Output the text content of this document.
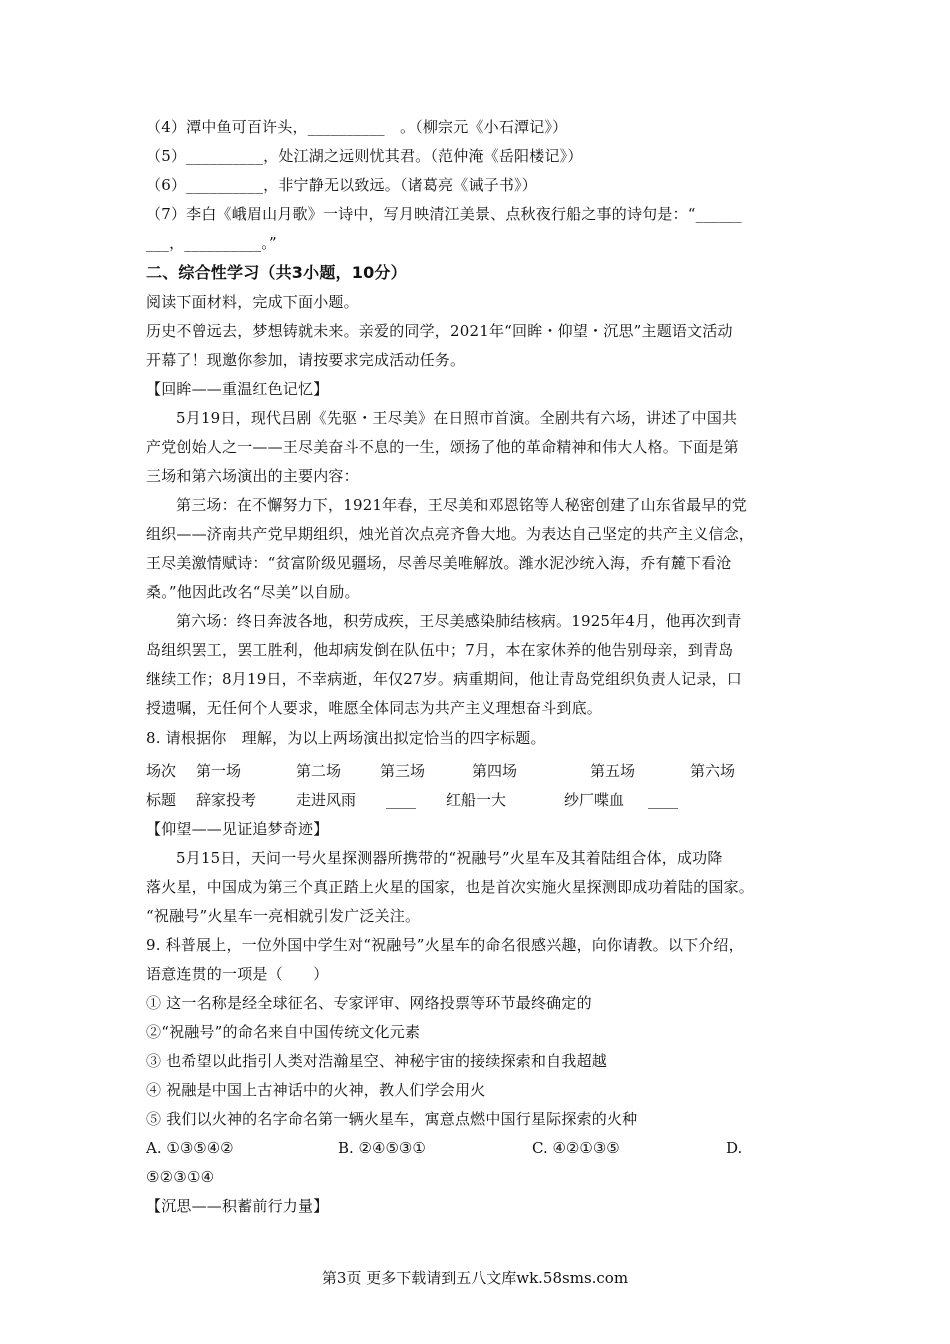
（4）潭中鱼可百许头，__________　。（柳宗元《小石潭记》）
（5）__________，处江湖之远则忧其君。（范仲淹《岳阳楼记》）
（6）__________，非宁静无以致远。（诸葛亮《诫子书》）
（7）李白《峨眉山月歌》一诗中，写月映清江美景、点秋夜行船之事的诗句是：“______
___，__________。”
二、综合性学习（共3小题，10分）
阅读下面材料，完成下面小题。
历史不曾远去，梦想铸就未来。亲爱的同学，2021年“回眸・仰望・沉思”主题语文活动
开幕了！现邀你参加，请按要求完成活动任务。
【回眸——重温红色记忆】
5月19日，现代吕剧《先驱・王尽美》在日照市首演。全剧共有六场，讲述了中国共
产党创始人之一——王尽美奋斗不息的一生，颂扬了他的革命精神和伟大人格。下面是第
三场和第六场演出的主要内容：
第三场：在不懈努力下，1921年春，王尽美和邓恩铭等人秘密创建了山东省最早的党
组织——济南共产党早期组织，烛光首次点亮齐鲁大地。为表达自己坚定的共产主义信念，
王尽美激情赋诗：“贫富阶级见疆场，尽善尽美唯解放。潍水泥沙统入海，乔有麓下看沧
桑。”他因此改名“尽美”以自励。
第六场：终日奔波各地，积劳成疾，王尽美感染肺结核病。1925年4月，他再次到青
岛组织罢工，罢工胜利，他却病发倒在队伍中；7月，本在家休养的他告别母亲，到青岛
继续工作；8月19日，不幸病逝，年仅27岁。病重期间，他让青岛党组织负责人记录，口
授遗嘱，无任何个人要求，唯愿全体同志为共产主义理想奋斗到底。
8. 请根据你　理解，为以上两场演出拟定恰当的四字标题。
场次 第一场	第二场	第三场	第四场	第五场	第六场
标题 辞家投考	走进风雨 ____ 红船一大	纱厂喋血 ____
【仰望——见证追梦奇迹】
5月15日，天问一号火星探测器所携带的“祝融号”火星车及其着陆组合体，成功降
落火星，中国成为第三个真正踏上火星的国家，也是首次实施火星探测即成功着陆的国家。
“祝融号”火星车一亮相就引发广泛关注。
9. 科普展上，一位外国中学生对“祝融号”火星车的命名很感兴趣，向你请教。以下介绍，
语意连贯的一项是（　　）
① 这一名称是经全球征名、专家评审、网络投票等环节最终确定的
②“祝融号”的命名来自中国传统文化元素
③ 也希望以此指引人类对浩瀚星空、神秘宇宙的接续探索和自我超越
④ 祝融是中国上古神话中的火神，教人们学会用火
⑤ 我们以火神的名字命名第一辆火星车，寓意点燃中国行星际探索的火种
A. ①③⑤④②	B. ②④⑤③①	C. ④②①③⑤	D.
⑤②③①④
【沉思——积蓄前行力量】
第3页 更多下载请到五八文库wk.58sms.com
